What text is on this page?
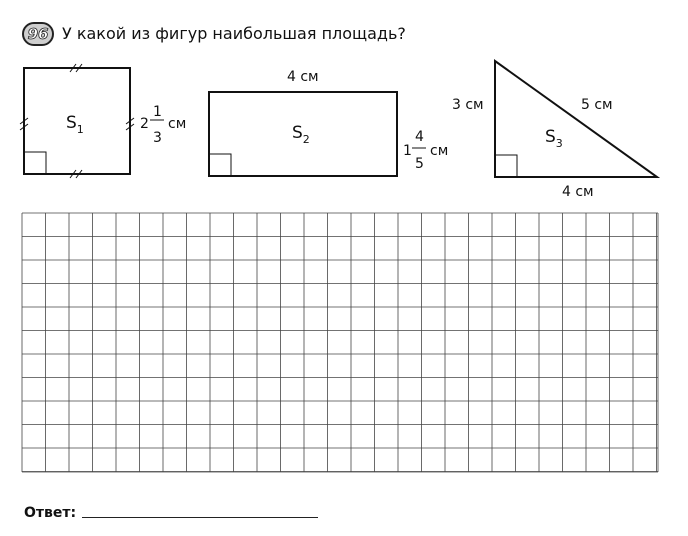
96 У какой из фигур наибольшая площадь?
$S_1$	2
1
3
см
4 см
$S_2$
1
4
5
см
3 см	5 см
4 см
$S_3$
Ответ:
